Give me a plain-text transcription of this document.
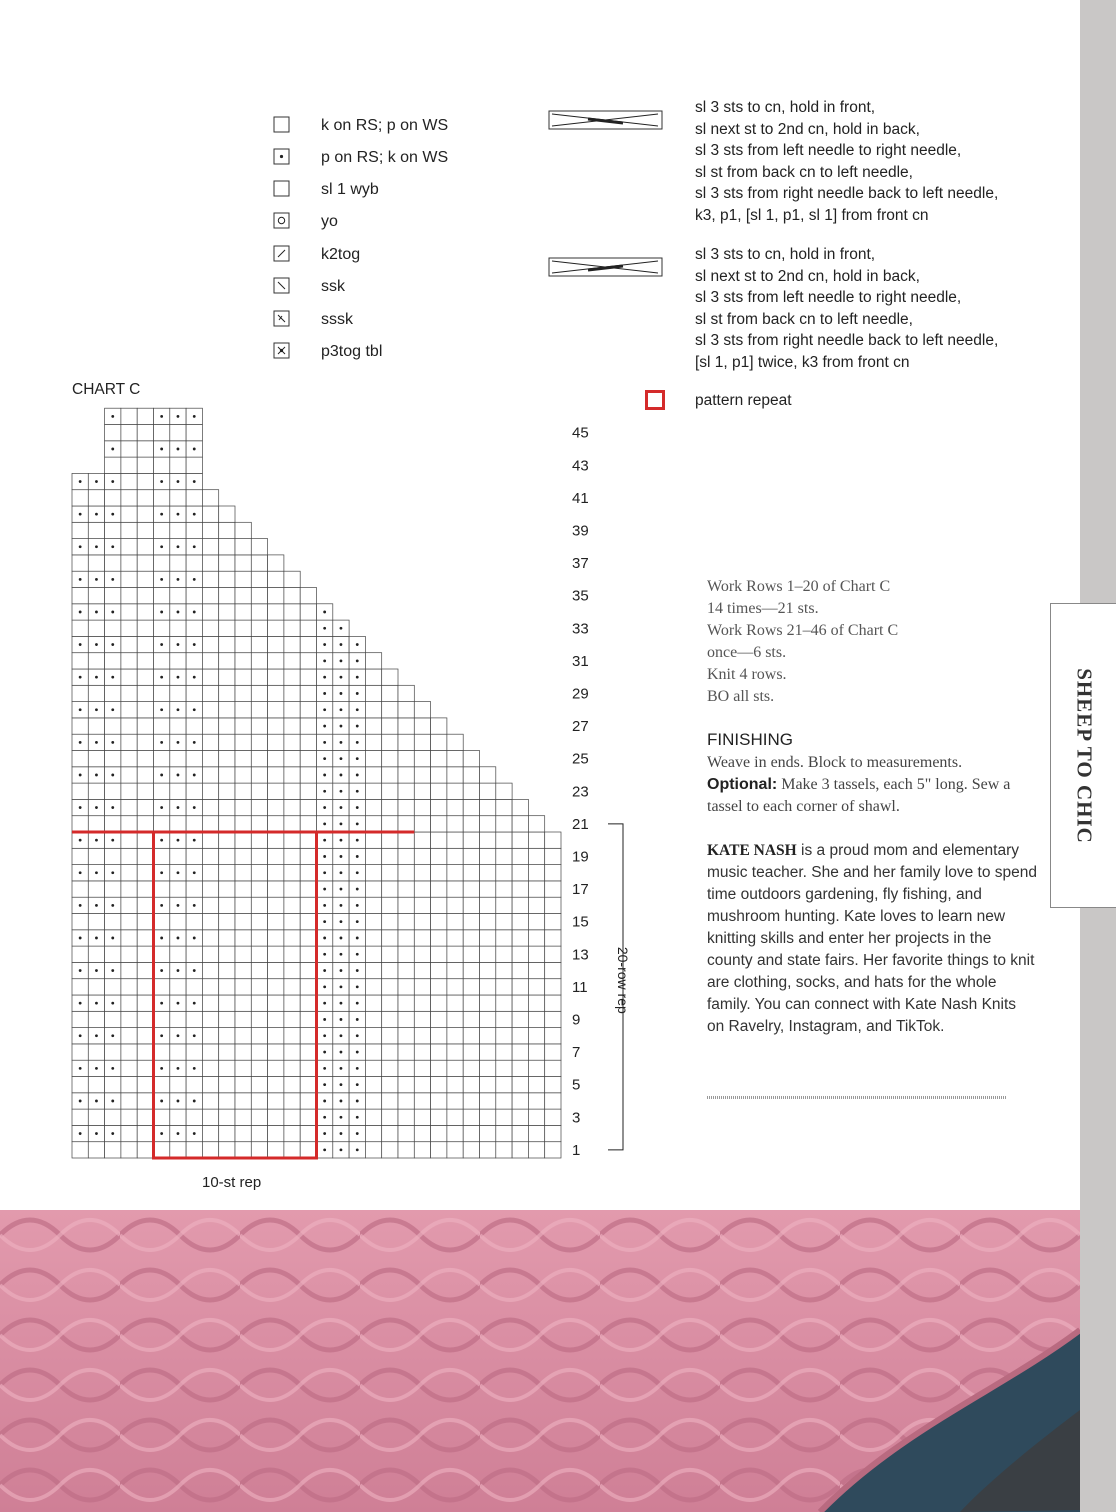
SHEEP TO CHIC
k on RS; p on WS
p on RS; k on WS
sl 1 wyb
yo
k2tog
ssk
sssk
p3tog tbl
sl 3 sts to cn, hold in front,
sl next st to 2nd cn, hold in back,
sl 3 sts from left needle to right needle,
sl st from back cn to left needle,
sl 3 sts from right needle back to left needle,
k3, p1, [sl 1, p1, sl 1] from front cn
sl 3 sts to cn, hold in front,
sl next st to 2nd cn, hold in back,
sl 3 sts from left needle to right needle,
sl st from back cn to left needle,
sl 3 sts from right needle back to left needle,
[sl 1, p1] twice, k3 from front cn
pattern repeat
CHART C
45
43
41
39
37
35
33
31
29
27
25
23
21
19
17
15
13
11
9
7
5
3
1
20-row rep
10-st rep
Work Rows 1–20 of Chart C
14 times—21 sts.
Work Rows 21–46 of Chart C
once—6 sts.
Knit 4 rows.
BO all sts.
FINISHING
Weave in ends. Block to measurements.
Optional: Make 3 tassels, each 5" long. Sew a tassel to each corner of shawl.
KATE NASH is a proud mom and elementary music teacher. She and her family love to spend time outdoors gardening, fly fishing, and mushroom hunting. Kate loves to learn new knitting skills and enter her projects in the county and state fairs. Her favorite things to knit are clothing, socks, and hats for the whole family. You can connect with Kate Nash Knits on Ravelry, Instagram, and TikTok.
